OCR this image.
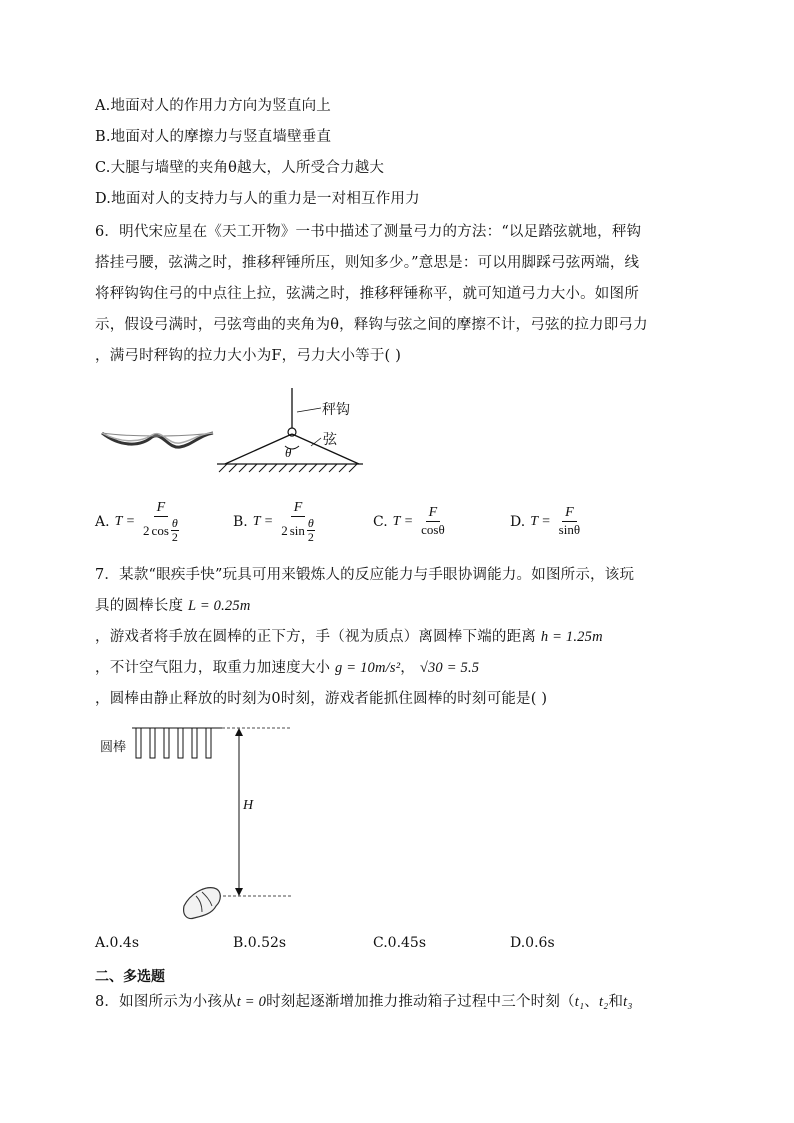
A.地面对人的作用力方向为竖直向上
B.地面对人的摩擦力与竖直墙壁垂直
C.大腿与墙壁的夹角θ越大，人所受合力越大
D.地面对人的支持力与人的重力是一对相互作用力
6．明代宋应星在《天工开物》一书中描述了测量弓力的方法：“以足踏弦就地，秤钩
搭挂弓腰，弦满之时，推移秤锤所压，则知多少。”意思是：可以用脚踩弓弦两端，线
将秤钩钩住弓的中点往上拉，弦满之时，推移秤锤称平，就可知道弓力大小。如图所
示，假设弓满时，弓弦弯曲的夹角为θ，释钩与弦之间的摩擦不计，弓弦的拉力即弓力
，满弓时秤钩的拉力大小为F，弓力大小等于( )
秤钩
弦
θ
A. $T = \frac{F}{2 \cos \frac{\theta}{2}}$	B. $T = \frac{F}{2 \sin \frac{\theta}{2}}$	C. $T = \frac{F}{\cos\theta}$	D. $T = \frac{F}{\sin\theta}$
7．某款“眼疾手快”玩具可用来锻炼人的反应能力与手眼协调能力。如图所示，该玩
具的圆棒长度 L = 0.25m
，游戏者将手放在圆棒的正下方，手（视为质点）离圆棒下端的距离 h = 1.25m
，不计空气阻力，取重力加速度大小 g = 10m/s²， √30 = 5.5
，圆棒由静止释放的时刻为0时刻，游戏者能抓住圆棒的时刻可能是( )
圆棒
H
A.0.4s	B.0.52s	C.0.45s	D.0.6s
二、多选题
8．如图所示为小孩从t = 0时刻起逐渐增加推力推动箱子过程中三个时刻（t₁、t₂和t₃
